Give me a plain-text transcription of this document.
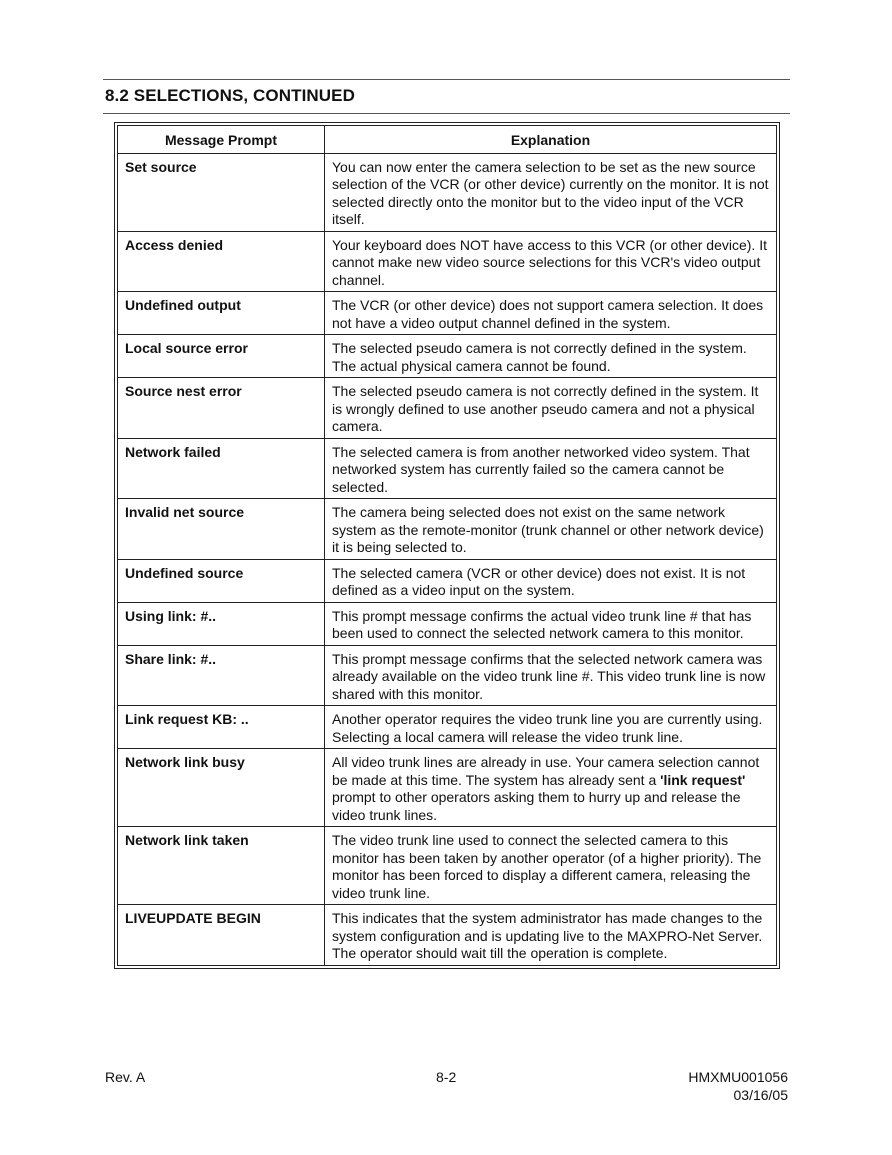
8.2 SELECTIONS, CONTINUED
Message Prompt	Explanation
Set source	You can now enter the camera selection to be set as the new source selection of the VCR (or other device) currently on the monitor. It is not selected directly onto the monitor but to the video input of the VCR itself.
Access denied	Your keyboard does NOT have access to this VCR (or other device). It cannot make new video source selections for this VCR's video output channel.
Undefined output	The VCR (or other device) does not support camera selection. It does not have a video output channel defined in the system.
Local source error	The selected pseudo camera is not correctly defined in the system. The actual physical camera cannot be found.
Source nest error	The selected pseudo camera is not correctly defined in the system. It is wrongly defined to use another pseudo camera and not a physical camera.
Network failed	The selected camera is from another networked video system. That networked system has currently failed so the camera cannot be selected.
Invalid net source	The camera being selected does not exist on the same network system as the remote-monitor (trunk channel or other network device) it is being selected to.
Undefined source	The selected camera (VCR or other device) does not exist. It is not defined as a video input on the system.
Using link: #..	This prompt message confirms the actual video trunk line # that has been used to connect the selected network camera to this monitor.
Share link: #..	This prompt message confirms that the selected network camera was already available on the video trunk line #. This video trunk line is now shared with this monitor.
Link request KB: ..	Another operator requires the video trunk line you are currently using. Selecting a local camera will release the video trunk line.
Network link busy	All video trunk lines are already in use. Your camera selection cannot be made at this time. The system has already sent a 'link request' prompt to other operators asking them to hurry up and release the video trunk lines.
Network link taken	The video trunk line used to connect the selected camera to this monitor has been taken by another operator (of a higher priority). The monitor has been forced to display a different camera, releasing the video trunk line.
LIVEUPDATE BEGIN	This indicates that the system administrator has made changes to the system configuration and is updating live to the MAXPRO-Net Server. The operator should wait till the operation is complete.
Rev. A	8-2	HMXMU001056
03/16/05
